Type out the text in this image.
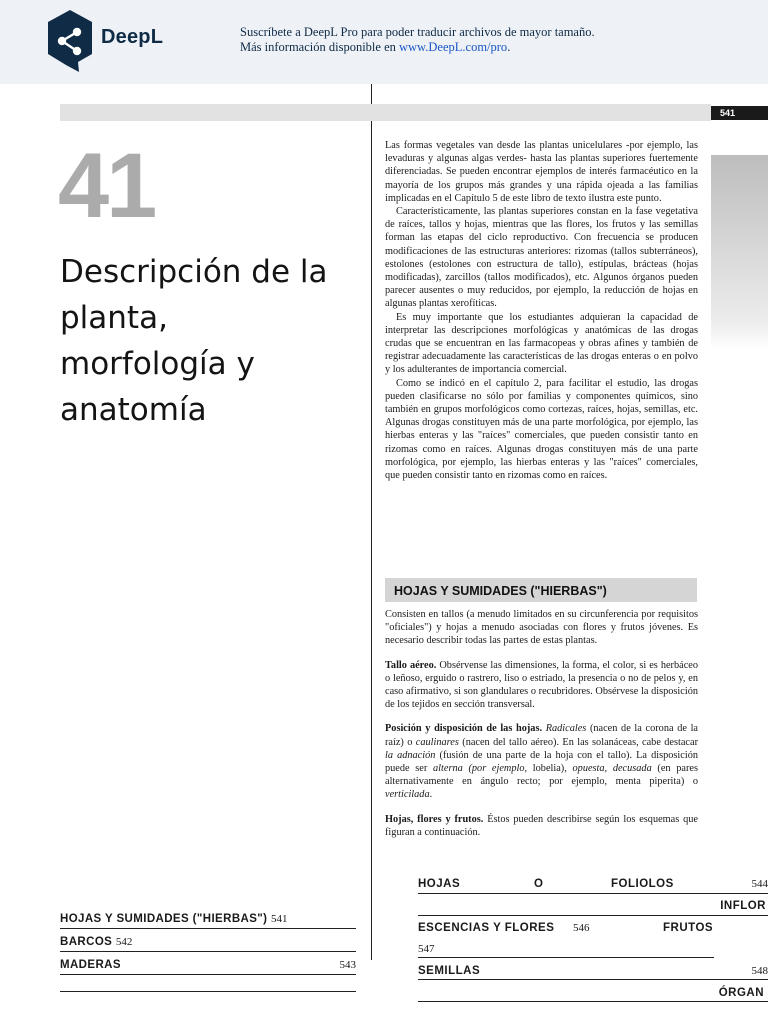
DeepL	Suscríbete a DeepL Pro para poder traducir archivos de mayor tamaño.
Más información disponible en www.DeepL.com/pro.
541
41
Descripción de la
planta,
morfología y
anatomía

Las formas vegetales van desde las plantas unicelulares -por ejemplo, las levaduras y algunas algas verdes- hasta las plantas superiores fuertemente diferenciadas. Se pueden encontrar ejemplos de interés farmacéutico en la mayoría de los grupos más grandes y una rápida ojeada a las familias implicadas en el Capítulo 5 de este libro de texto ilustra este punto.

Característicamente, las plantas superiores constan en la fase vegetativa de raíces, tallos y hojas, mientras que las flores, los frutos y las semillas forman las etapas del ciclo reproductivo. Con frecuencia se producen modificaciones de las estructuras anteriores: rizomas (tallos subterráneos), estolones (estolones con estructura de tallo), estípulas, brácteas (hojas modificadas), zarcillos (tallos modificados), etc. Algunos órganos pueden parecer ausentes o muy reducidos, por ejemplo, la reducción de hojas en algunas plantas xerofíticas.

Es muy importante que los estudiantes adquieran la capacidad de interpretar las descripciones morfológicas y anatómicas de las drogas crudas que se encuentran en las farmacopeas y obras afines y también de registrar adecuadamente las características de las drogas enteras o en polvo y los adulterantes de importancia comercial.

Como se indicó en el capítulo 2, para facilitar el estudio, las drogas pueden clasificarse no sólo por familias y componentes químicos, sino también en grupos morfológicos como cortezas, raíces, hojas, semillas, etc. Algunas drogas constituyen más de una parte morfológica, por ejemplo, las hierbas enteras y las "raíces" comerciales, que pueden consistir tanto en rizomas como en raíces. Algunas drogas constituyen más de una parte morfológica, por ejemplo, las hierbas enteras y las "raíces" comerciales, que pueden consistir tanto en rizomas como en raíces.

HOJAS Y SUMIDADES ("HIERBAS")

Consisten en tallos (a menudo limitados en su circunferencia por requisitos "oficiales") y hojas a menudo asociadas con flores y frutos jóvenes. Es necesario describir todas las partes de estas plantas.

Tallo aéreo. Obsérvense las dimensiones, la forma, el color, si es herbáceo o leñoso, erguido o rastrero, liso o estriado, la presencia o no de pelos y, en caso afirmativo, si son glandulares o recubridores. Obsérvese la disposición de los tejidos en sección transversal.

Posición y disposición de las hojas. Radicales (nacen de la corona de la raíz) o caulinares (nacen del tallo aéreo). En las solanáceas, cabe destacar la adnación (fusión de una parte de la hoja con el tallo). La disposición puede ser alterna (por ejemplo, lobelia), opuesta, decusada (en pares alternativamente en ángulo recto; por ejemplo, menta piperita) o verticilada.

Hojas, flores y frutos. Éstos pueden describirse según los esquemas que figuran a continuación.

HOJAS Y SUMIDADES ("HIERBAS") 541
BARCOS 542
MADERAS	543
HOJAS	O	FOLIOLOS	544
INFLOR
ESCENCIAS Y FLORES 546	FRUTOS
547
SEMILLAS	548
ÓRGAN
